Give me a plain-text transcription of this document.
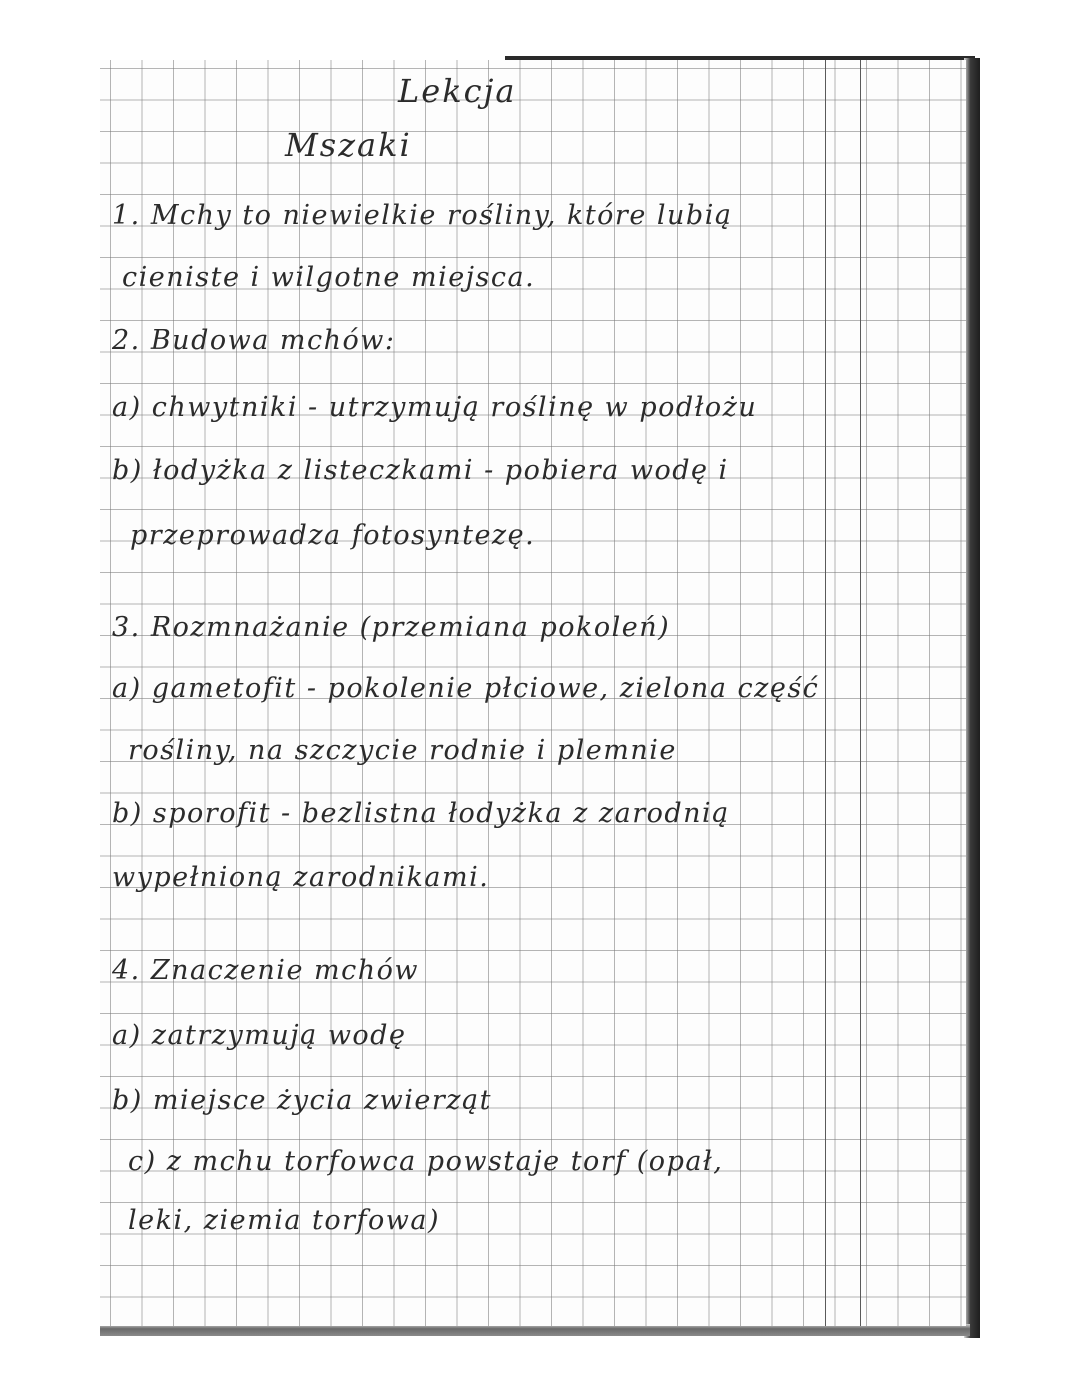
Lekcja
Mszaki
1. Mchy to niewielkie rośliny, które lubią
cieniste i wilgotne miejsca.
2. Budowa mchów:
a) chwytniki - utrzymują roślinę w podłożu
b) łodyżka z listeczkami - pobiera wodę i
przeprowadza fotosyntezę.
3. Rozmnażanie (przemiana pokoleń)
a) gametofit - pokolenie płciowe, zielona część
rośliny, na szczycie rodnie i plemnie
b) sporofit - bezlistna łodyżka z zarodnią
wypełnioną zarodnikami.
4. Znaczenie mchów
a) zatrzymują wodę
b) miejsce życia zwierząt
c) z mchu torfowca powstaje torf (opał,
leki, ziemia torfowa)
